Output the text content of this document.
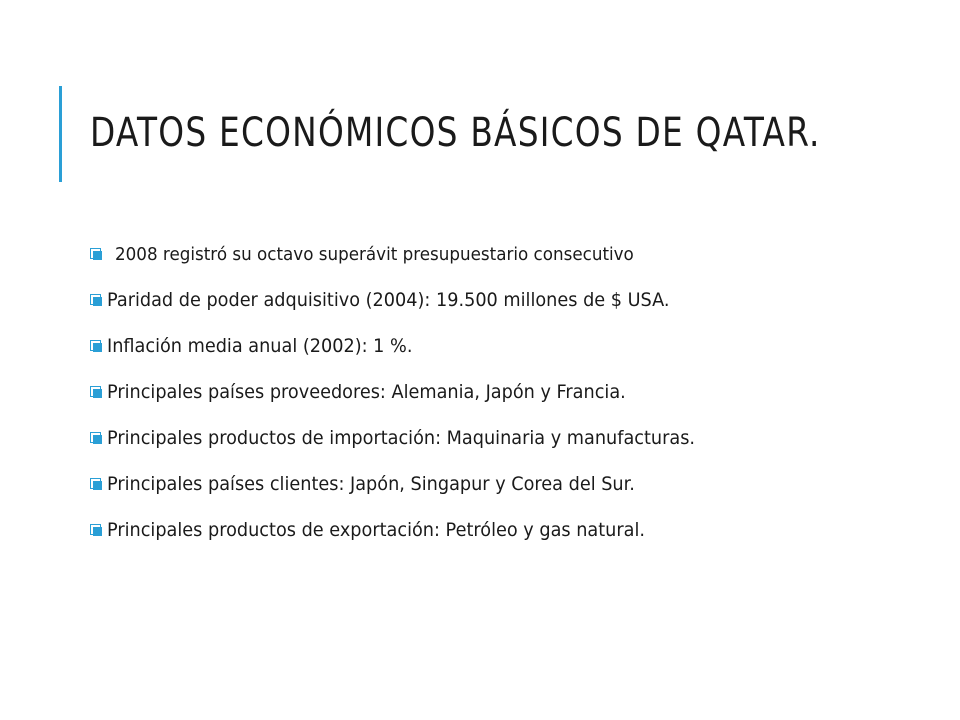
DATOS ECONÓMICOS BÁSICOS DE QATAR.
2008 registró su octavo superávit presupuestario consecutivo
Paridad de poder adquisitivo (2004): 19.500 millones de $ USA.
Inflación media anual (2002): 1 %.
Principales países proveedores: Alemania, Japón y Francia.
Principales productos de importación: Maquinaria y manufacturas.
Principales países clientes: Japón, Singapur y Corea del Sur.
Principales productos de exportación: Petróleo y gas natural.
